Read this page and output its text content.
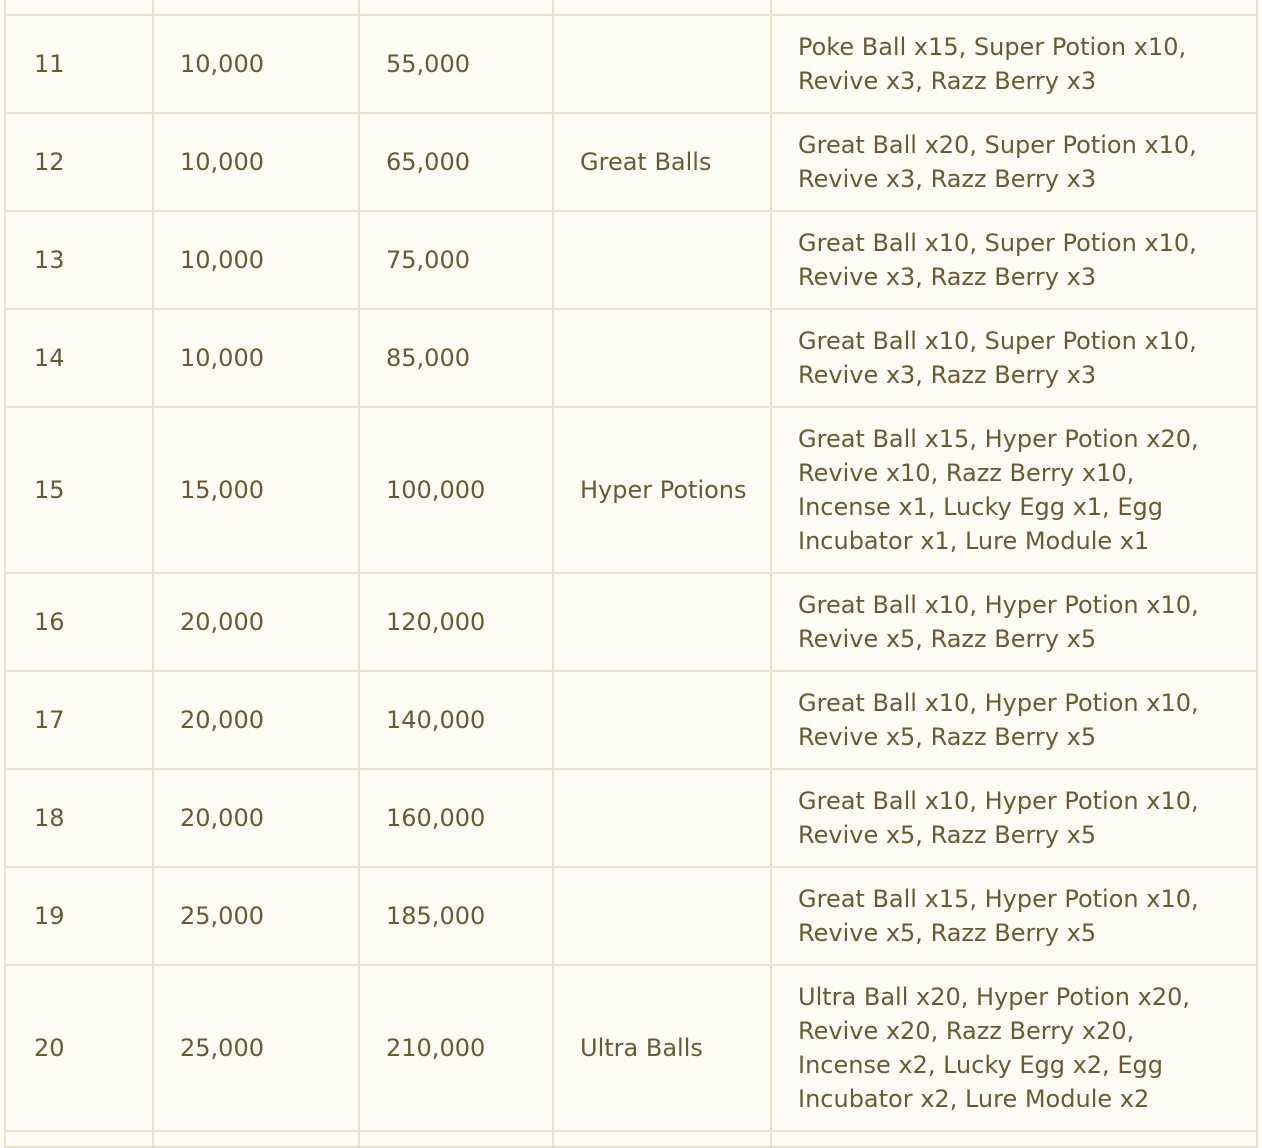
11	10,000	55,000		Poke Ball x15, Super Potion x10, Revive x3, Razz Berry x3
12	10,000	65,000	Great Balls	Great Ball x20, Super Potion x10, Revive x3, Razz Berry x3
13	10,000	75,000		Great Ball x10, Super Potion x10, Revive x3, Razz Berry x3
14	10,000	85,000		Great Ball x10, Super Potion x10, Revive x3, Razz Berry x3
15	15,000	100,000	Hyper Potions	Great Ball x15, Hyper Potion x20, Revive x10, Razz Berry x10, Incense x1, Lucky Egg x1, Egg Incubator x1, Lure Module x1
16	20,000	120,000		Great Ball x10, Hyper Potion x10, Revive x5, Razz Berry x5
17	20,000	140,000		Great Ball x10, Hyper Potion x10, Revive x5, Razz Berry x5
18	20,000	160,000		Great Ball x10, Hyper Potion x10, Revive x5, Razz Berry x5
19	25,000	185,000		Great Ball x15, Hyper Potion x10, Revive x5, Razz Berry x5
20	25,000	210,000	Ultra Balls	Ultra Ball x20, Hyper Potion x20, Revive x20, Razz Berry x20, Incense x2, Lucky Egg x2, Egg Incubator x2, Lure Module x2
